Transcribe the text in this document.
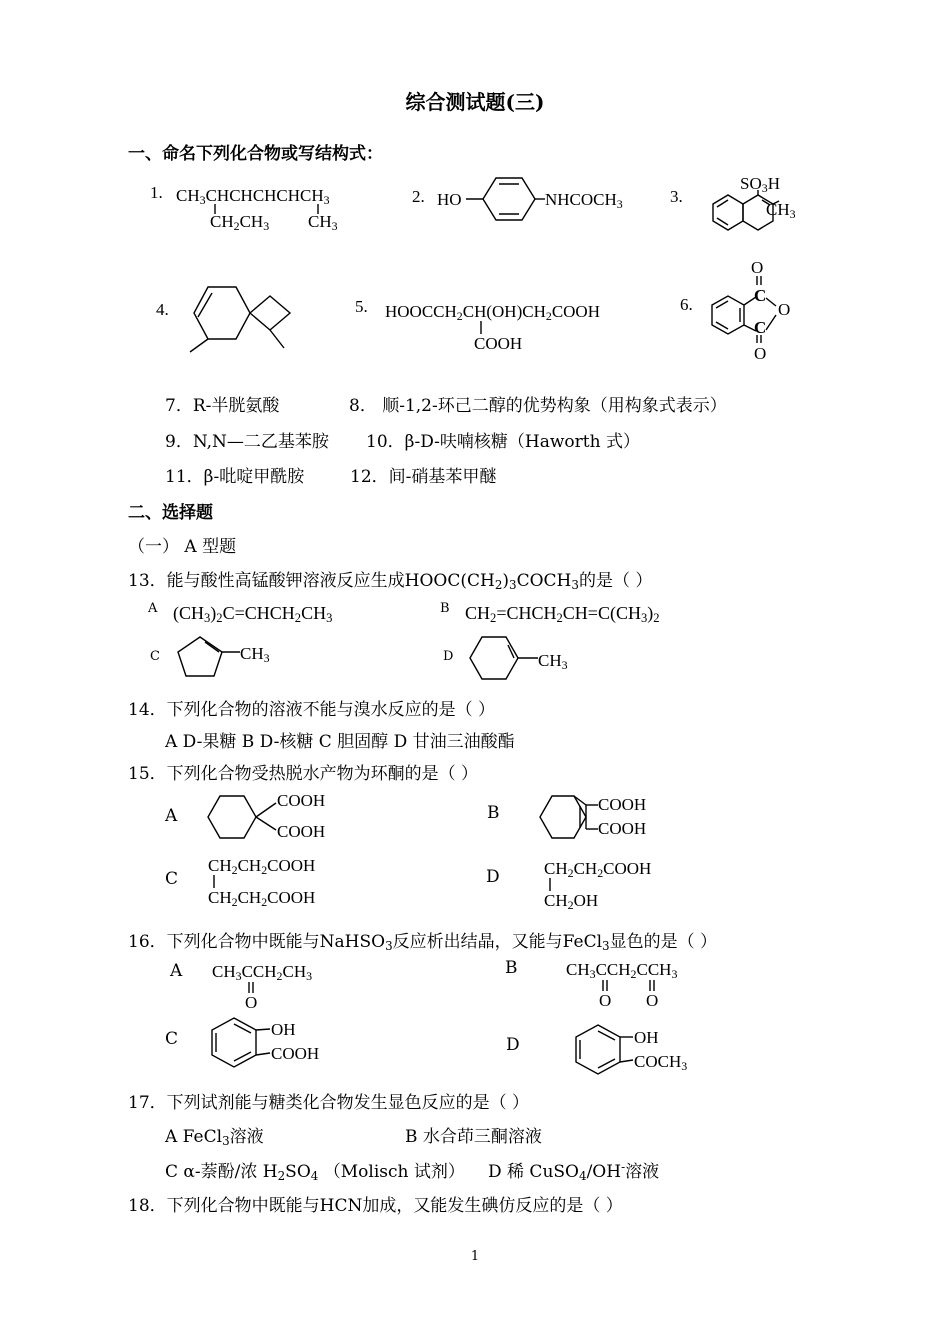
综合测试题(三)
一、命名下列化合物或写结构式：
1. $CH_3CHCHCHCHCH_3$
$CH_2CH_3$ $CH_3$
2. HO	$NHCOCH_3$	3.
$SO_3H$
$CH_3$
4.	5. $HOOCCH_2CH(OH)CH_2COOH$
COOH
6.
O
C
O
C
O
7．R-半胱氨酸	8． 顺-1,2-环己二醇的优势构象（用构象式表示）
9．N,N—二乙基苯胺 10．β-D-呋喃核糖（Haworth 式）
11．β-吡啶甲酰胺	12．间-硝基苯甲醚
二、选择题
（一） A 型题
13．能与酸性高锰酸钾溶液反应生成$HOOC(CH_2)_3COCH_3$的是（ ）
A $(CH_3)_2C=CHCH_2CH_3$
B $CH_2=CHCH_2CH=C(CH_3)_2$
C	$CH_3$	D	$CH_3$
14．下列化合物的溶液不能与溴水反应的是（ ）
A D-果糖 B D-核糖 C 胆固醇 D 甘油三油酸酯
15．下列化合物受热脱水产物为环酮的是（ ）
A
COOH
COOH
B	COOH
COOH
C
$CH_2CH_2COOH$
$CH_2CH_2COOH$
D	$CH_2CH_2COOH$
$CH_2OH$
16．下列化合物中既能与NaHSO$_3$反应析出结晶，又能与FeCl$_3$显色的是（ ）
A $CH_3CCH_2CH_3$
O
B	$CH_3CCH_2CCH_3$
O O
C	OH
COOH	D	OH
$COCH_3$
17．下列试剂能与糖类化合物发生显色反应的是（ ）
A FeCl$_3$溶液	B 水合茚三酮溶液
C α-萘酚/浓 $H_2SO_4$ （Molisch 试剂） D 稀 CuSO$_4$/OH-溶液
18．下列化合物中既能与HCN加成，又能发生碘仿反应的是（ ）
1
